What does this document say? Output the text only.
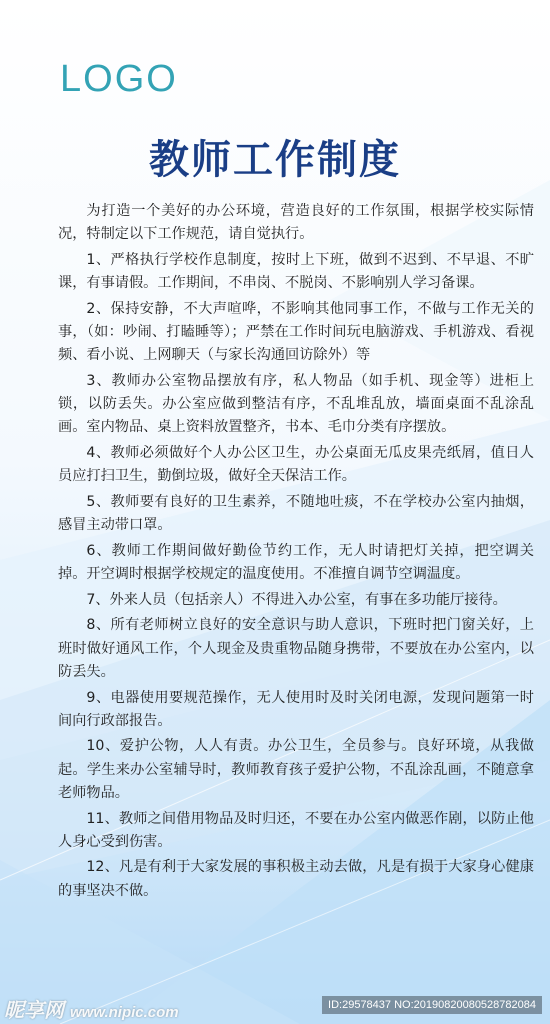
LOGO
教师工作制度

为打造一个美好的办公环境，营造良好的工作氛围，根据学校实际情况，特制定以下工作规范，请自觉执行。

1、严格执行学校作息制度，按时上下班，做到不迟到、不早退、不旷课，有事请假。工作期间，不串岗、不脱岗、不影响别人学习备课。

2、保持安静，不大声喧哗，不影响其他同事工作，不做与工作无关的事，（如：吵闹、打瞌睡等）；严禁在工作时间玩电脑游戏、手机游戏、看视频、看小说、上网聊天（与家长沟通回访除外）等

3、教师办公室物品摆放有序，私人物品（如手机、现金等）进柜上锁，以防丢失。办公室应做到整洁有序，不乱堆乱放，墙面桌面不乱涂乱画。室内物品、桌上资料放置整齐，书本、毛巾分类有序摆放。

4、教师必须做好个人办公区卫生，办公桌面无瓜皮果壳纸屑，值日人员应打扫卫生，勤倒垃圾，做好全天保洁工作。

5、教师要有良好的卫生素养，不随地吐痰，不在学校办公室内抽烟，感冒主动带口罩。

6、教师工作期间做好勤俭节约工作，无人时请把灯关掉，把空调关掉。开空调时根据学校规定的温度使用。不准擅自调节空调温度。

7、外来人员（包括亲人）不得进入办公室，有事在多功能厅接待。

8、所有老师树立良好的安全意识与助人意识，下班时把门窗关好，上班时做好通风工作，个人现金及贵重物品随身携带，不要放在办公室内，以防丢失。

9、电器使用要规范操作，无人使用时及时关闭电源，发现问题第一时间向行政部报告。

10、爱护公物，人人有责。办公卫生，全员参与。良好环境，从我做起。学生来办公室辅导时，教师教育孩子爱护公物，不乱涂乱画，不随意拿老师物品。

11、教师之间借用物品及时归还，不要在办公室内做恶作剧，以防止他人身心受到伤害。

12、凡是有利于大家发展的事积极主动去做，凡是有损于大家身心健康的事坚决不做。

昵享网 www.nipic.com	ID:29578437 NO:20190820080528782084
